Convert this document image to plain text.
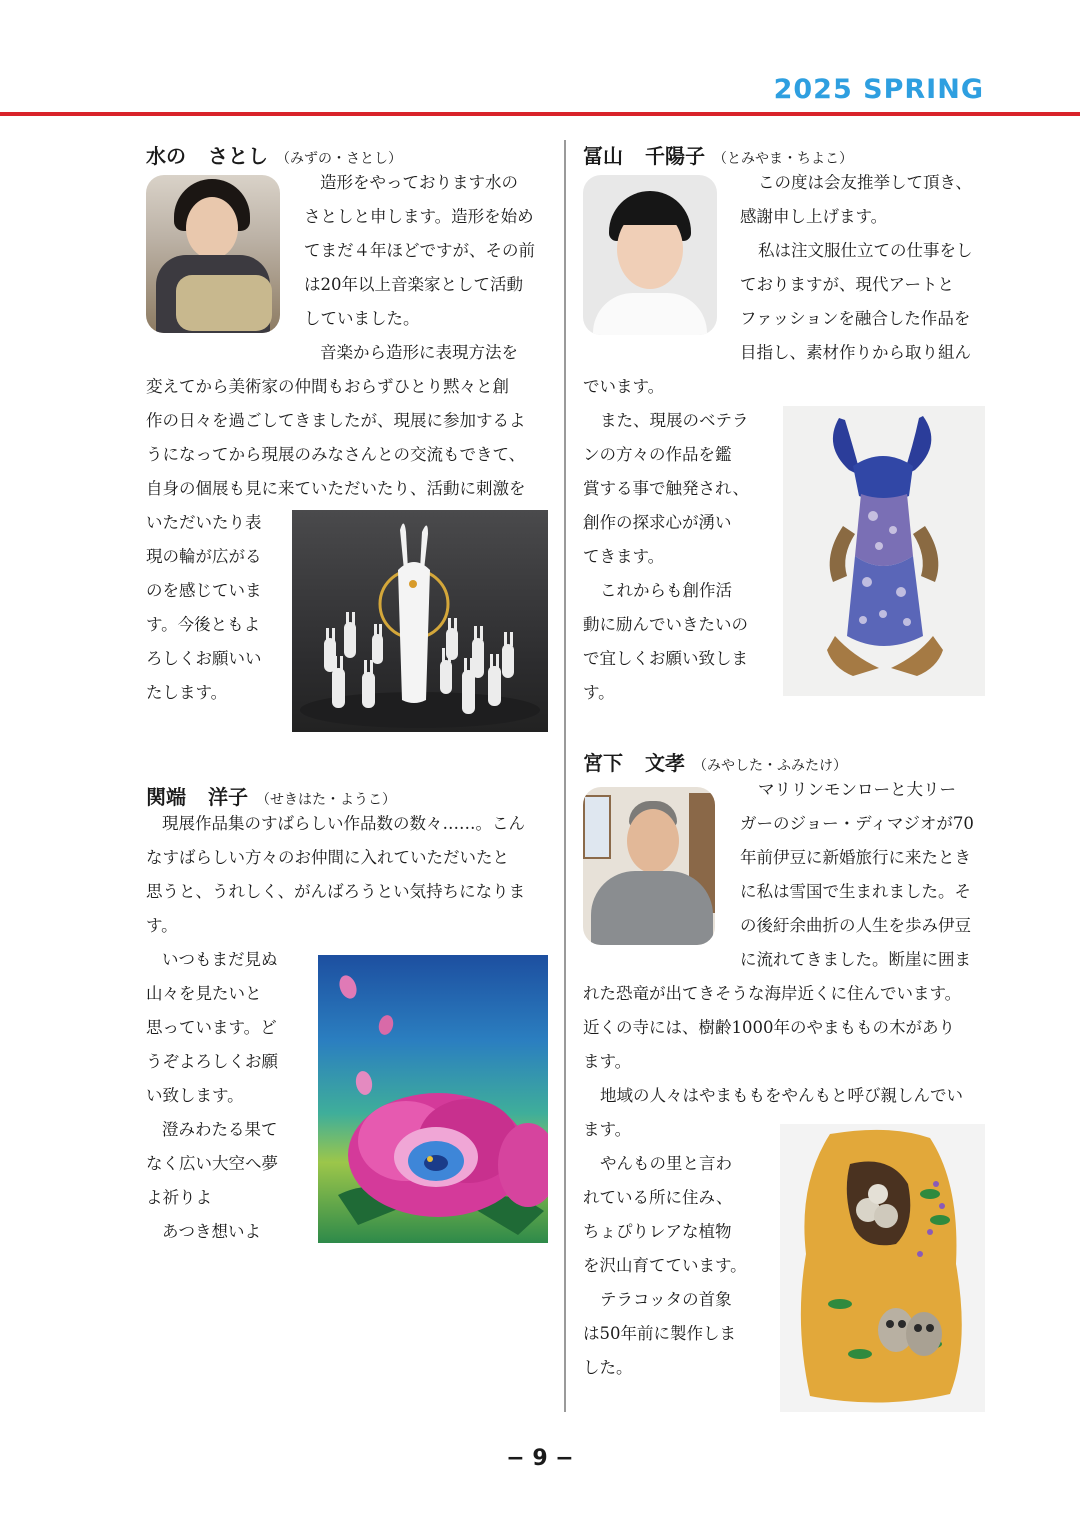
2025 SPRING
水の さとし （みずの・さとし）
造形をやっております水の
さとしと申します。造形を始め
てまだ４年ほどですが、その前
は20年以上音楽家として活動
していました。
音楽から造形に表現方法を
変えてから美術家の仲間もおらずひとり黙々と創
作の日々を過ごしてきましたが、現展に参加するよ
うになってから現展のみなさんとの交流もできて、
自身の個展も見に来ていただいたり、活動に刺激を
いただいたり表
現の輪が広がる
のを感じていま
す。今後ともよ
ろしくお願いい
たします。
冨山 千陽子 （とみやま・ちよこ）
この度は会友推挙して頂き、
感謝申し上げます。
私は注文服仕立ての仕事をし
ておりますが、現代アートと
ファッションを融合した作品を
目指し、素材作りから取り組ん
でいます。
また、現展のベテラ
ンの方々の作品を鑑
賞する事で触発され、
創作の探求心が湧い
てきます。
これからも創作活
動に励んでいきたいの
で宜しくお願い致しま
す。
関端 洋子 （せきはた・ようこ）
現展作品集のすばらしい作品数の数々……。こん
なすばらしい方々のお仲間に入れていただいたと
思うと、うれしく、がんばろうとい気持ちになりま
す。
いつもまだ見ぬ
山々を見たいと
思っています。ど
うぞよろしくお願
い致します。
澄みわたる果て
なく広い大空へ夢
よ祈りよ
あつき想いよ
宮下 文孝 （みやした・ふみたけ）
マリリンモンローと大リー
ガーのジョー・ディマジオが70
年前伊豆に新婚旅行に来たとき
に私は雪国で生まれました。そ
の後紆余曲折の人生を歩み伊豆
に流れてきました。断崖に囲ま
れた恐竜が出てきそうな海岸近くに住んでいます。
近くの寺には、樹齢1000年のやまももの木があり
ます。
地域の人々はやまももをやんもと呼び親しんでい
ます。
やんもの里と言わ
れている所に住み、
ちょぴりレアな植物
を沢山育てています。
テラコッタの首象
は50年前に製作しま
した。
− 9 −
